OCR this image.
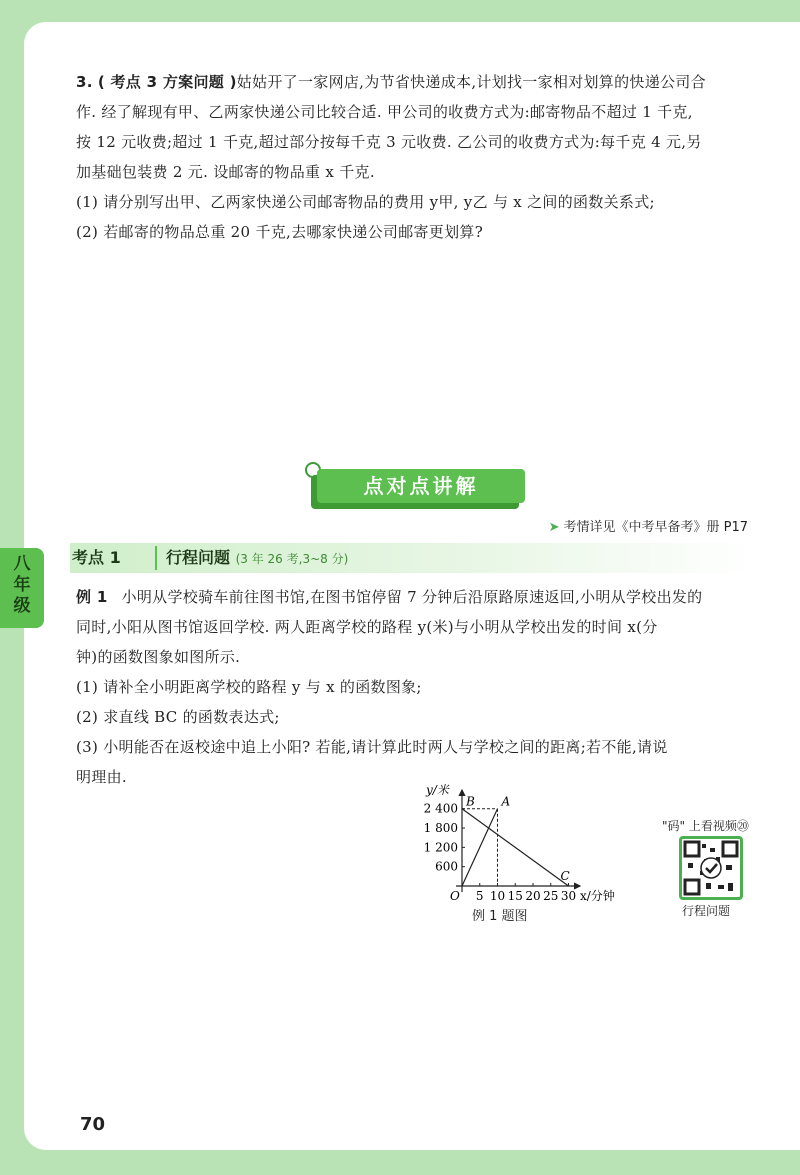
八
年
级
3. ( 考点 3 方案问题 )姑姑开了一家网店,为节省快递成本,计划找一家相对划算的快递公司合
作. 经了解现有甲、乙两家快递公司比较合适. 甲公司的收费方式为:邮寄物品不超过 1 千克,
按 12 元收费;超过 1 千克,超过部分按每千克 3 元收费. 乙公司的收费方式为:每千克 4 元,另
加基础包装费 2 元. 设邮寄的物品重 x 千克.
(1) 请分别写出甲、乙两家快递公司邮寄物品的费用 y甲, y乙 与 x 之间的函数关系式;
(2) 若邮寄的物品总重 20 千克,去哪家快递公司邮寄更划算?
点对点讲解
➤ 考情详见《中考早备考》册 P17
考点 1	行程问题 (3 年 26 考,3~8 分)
例 1 小明从学校骑车前往图书馆,在图书馆停留 7 分钟后沿原路原速返回,小明从学校出发的
同时,小阳从图书馆返回学校. 两人距离学校的路程 y(米)与小明从学校出发的时间 x(分
钟)的函数图象如图所示.
(1) 请补全小明距离学校的路程 y 与 x 的函数图象;
(2) 求直线 BC 的函数表达式;
(3) 小明能否在返校途中追上小阳? 若能,请计算此时两人与学校之间的距离;若不能,请说
明理由.
y/米
x/分钟
O
2 400
1 800
1 200
600
5 10 15 20 25 30
B A
C
例 1 题图
"码" 上看视频⑳
行程问题
70
